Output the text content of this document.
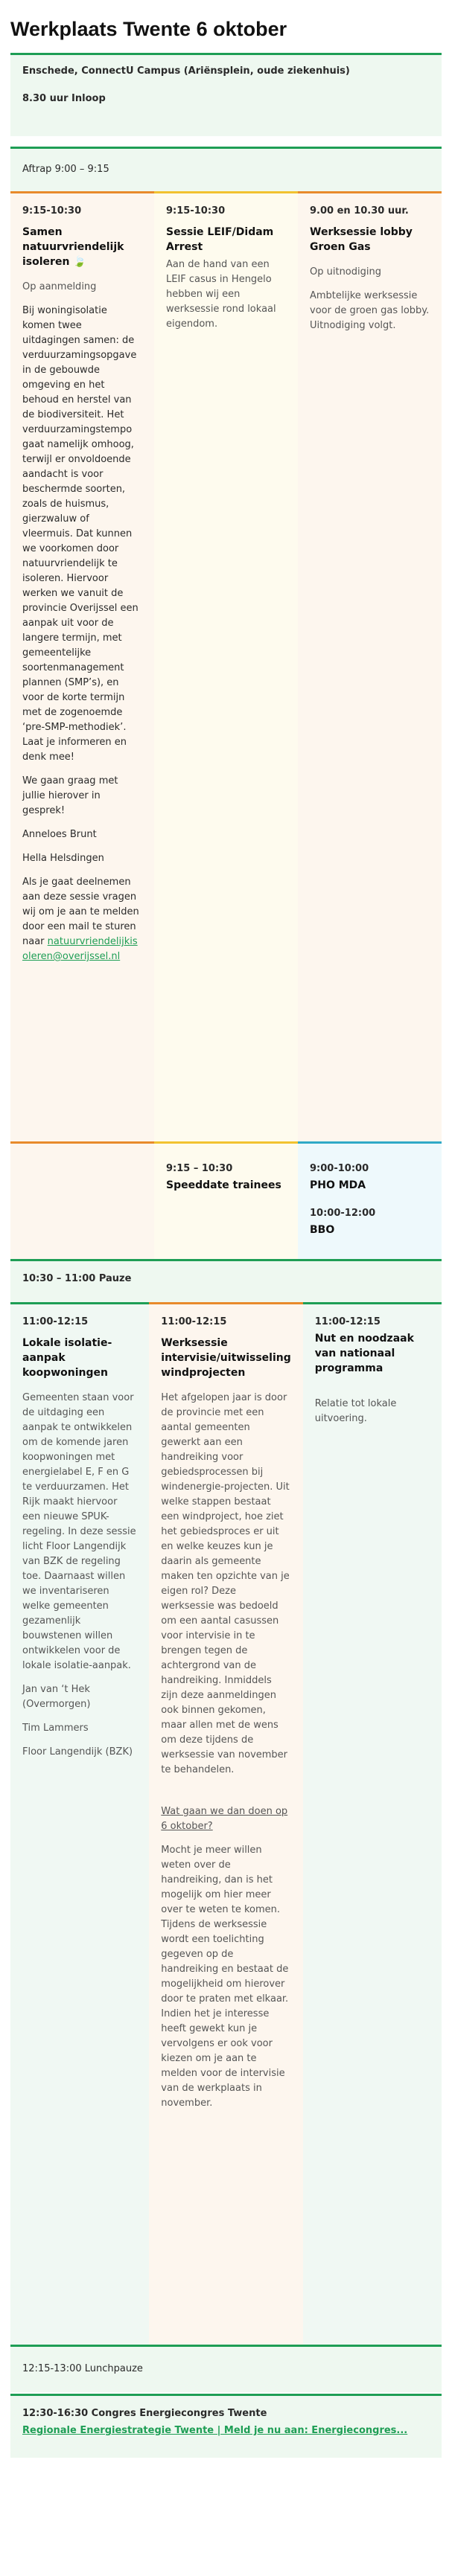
Werkplaats Twente 6 oktober

Enschede, ConnectU Campus (Ariënsplein, oude ziekenhuis)

8.30 uur Inloop

Aftrap 9:00 – 9:15

9:15-10:30

Samen natuurvriendelijk isoleren 🍃

Op aanmelding

Bij woningisolatie komen twee uitdagingen samen: de verduurzamingsopgave in de gebouwde omgeving en het behoud en herstel van de biodiversiteit. Het verduurzamingstempo gaat namelijk omhoog, terwijl er onvoldoende aandacht is voor beschermde soorten, zoals de huismus, gierzwaluw of vleermuis. Dat kunnen we voorkomen door natuurvriendelijk te isoleren. Hiervoor werken we vanuit de provincie Overijssel een aanpak uit voor de langere termijn, met gemeentelijke soortenmanagement plannen (SMP’s), en voor de korte termijn met de zogenoemde ‘pre-SMP-methodiek’. Laat je informeren en denk mee!

We gaan graag met jullie hierover in gesprek!

Anneloes Brunt

Hella Helsdingen

Als je gaat deelnemen aan deze sessie vragen wij om je aan te melden door een mail te sturen naar natuurvriendelijkisoleren@overijssel.nl

9:15-10:30

Sessie LEIF/Didam Arrest

Aan de hand van een LEIF casus in Hengelo hebben wij een werksessie rond lokaal eigendom.

9.00 en 10.30 uur.

Werksessie lobby Groen Gas

Op uitnodiging

Ambtelijke werksessie voor de groen gas lobby. Uitnodiging volgt.

9:15 – 10:30

Speeddate trainees

9:00-10:00

PHO MDA

10:00-12:00

BBO

10:30 – 11:00 Pauze

11:00-12:15

Lokale isolatie-aanpak koopwoningen

Gemeenten staan voor de uitdaging een aanpak te ontwikkelen om de komende jaren koopwoningen met energielabel E, F en G te verduurzamen. Het Rijk maakt hiervoor een nieuwe SPUK-regeling. In deze sessie licht Floor Langendijk van BZK de regeling toe. Daarnaast willen we inventariseren welke gemeenten gezamenlijk bouwstenen willen ontwikkelen voor de lokale isolatie-aanpak.

Jan van ‘t Hek (Overmorgen)

Tim Lammers

Floor Langendijk (BZK)

11:00-12:15

Werksessie intervisie/uitwisseling windprojecten

Het afgelopen jaar is door de provincie met een aantal gemeenten gewerkt aan een handreiking voor gebiedsprocessen bij windenergie-projecten. Uit welke stappen bestaat een windproject, hoe ziet het gebiedsproces er uit en welke keuzes kun je daarin als gemeente maken ten opzichte van je eigen rol? Deze werksessie was bedoeld om een aantal casussen voor intervisie in te brengen tegen de achtergrond van de handreiking. Inmiddels zijn deze aanmeldingen ook binnen gekomen, maar allen met de wens om deze tijdens de werksessie van november te behandelen.

Wat gaan we dan doen op 6 oktober?

Mocht je meer willen weten over de handreiking, dan is het mogelijk om hier meer over te weten te komen. Tijdens de werksessie wordt een toelichting gegeven op de handreiking en bestaat de mogelijkheid om hierover door te praten met elkaar. Indien het je interesse heeft gewekt kun je vervolgens er ook voor kiezen om je aan te melden voor de intervisie van de werkplaats in november.

11:00-12:15

Nut en noodzaak van nationaal programma

Relatie tot lokale uitvoering.

12:15-13:00 Lunchpauze
12:30-16:30 Congres Energiecongres Twente
Regionale Energiestrategie Twente | Meld je nu aan: Energiecongres...
